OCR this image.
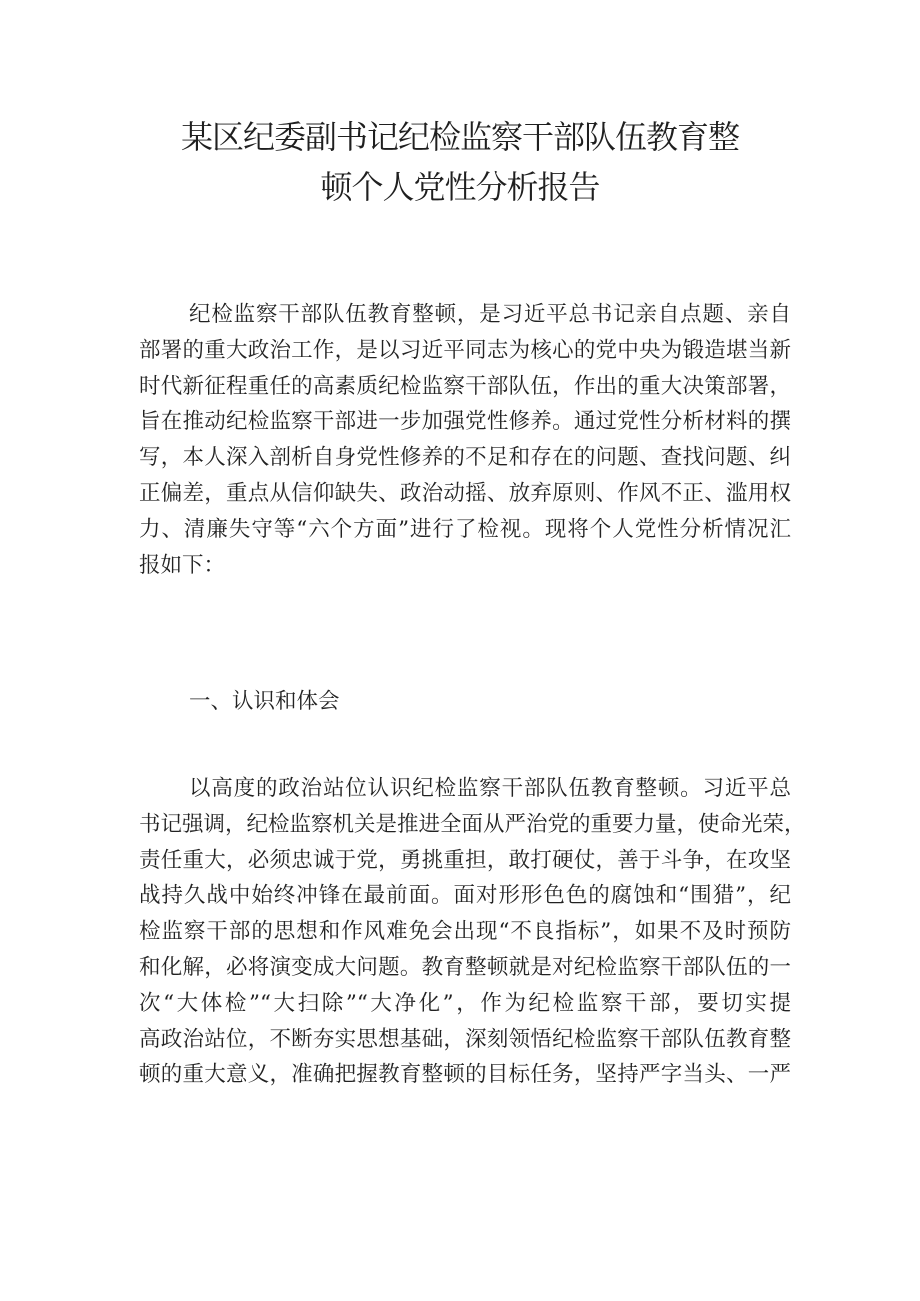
某区纪委副书记纪检监察干部队伍教育整
顿个人党性分析报告
纪检监察干部队伍教育整顿，是习近平总书记亲自点题、亲自
部署的重大政治工作，是以习近平同志为核心的党中央为锻造堪当新
时代新征程重任的高素质纪检监察干部队伍，作出的重大决策部署，
旨在推动纪检监察干部进一步加强党性修养。通过党性分析材料的撰
写，本人深入剖析自身党性修养的不足和存在的问题、查找问题、纠
正偏差，重点从信仰缺失、政治动摇、放弃原则、作风不正、滥用权
力、清廉失守等“六个方面”进行了检视。现将个人党性分析情况汇
报如下：
一、认识和体会
以高度的政治站位认识纪检监察干部队伍教育整顿。习近平总
书记强调，纪检监察机关是推进全面从严治党的重要力量，使命光荣，
责任重大，必须忠诚于党，勇挑重担，敢打硬仗，善于斗争，在攻坚
战持久战中始终冲锋在最前面。面对形形色色的腐蚀和“围猎”，纪
检监察干部的思想和作风难免会出现“不良指标”，如果不及时预防
和化解，必将演变成大问题。教育整顿就是对纪检监察干部队伍的一
次“大体检”“大扫除”“大净化”，作为纪检监察干部，要切实提
高政治站位，不断夯实思想基础，深刻领悟纪检监察干部队伍教育整
顿的重大意义，准确把握教育整顿的目标任务，坚持严字当头、一严
